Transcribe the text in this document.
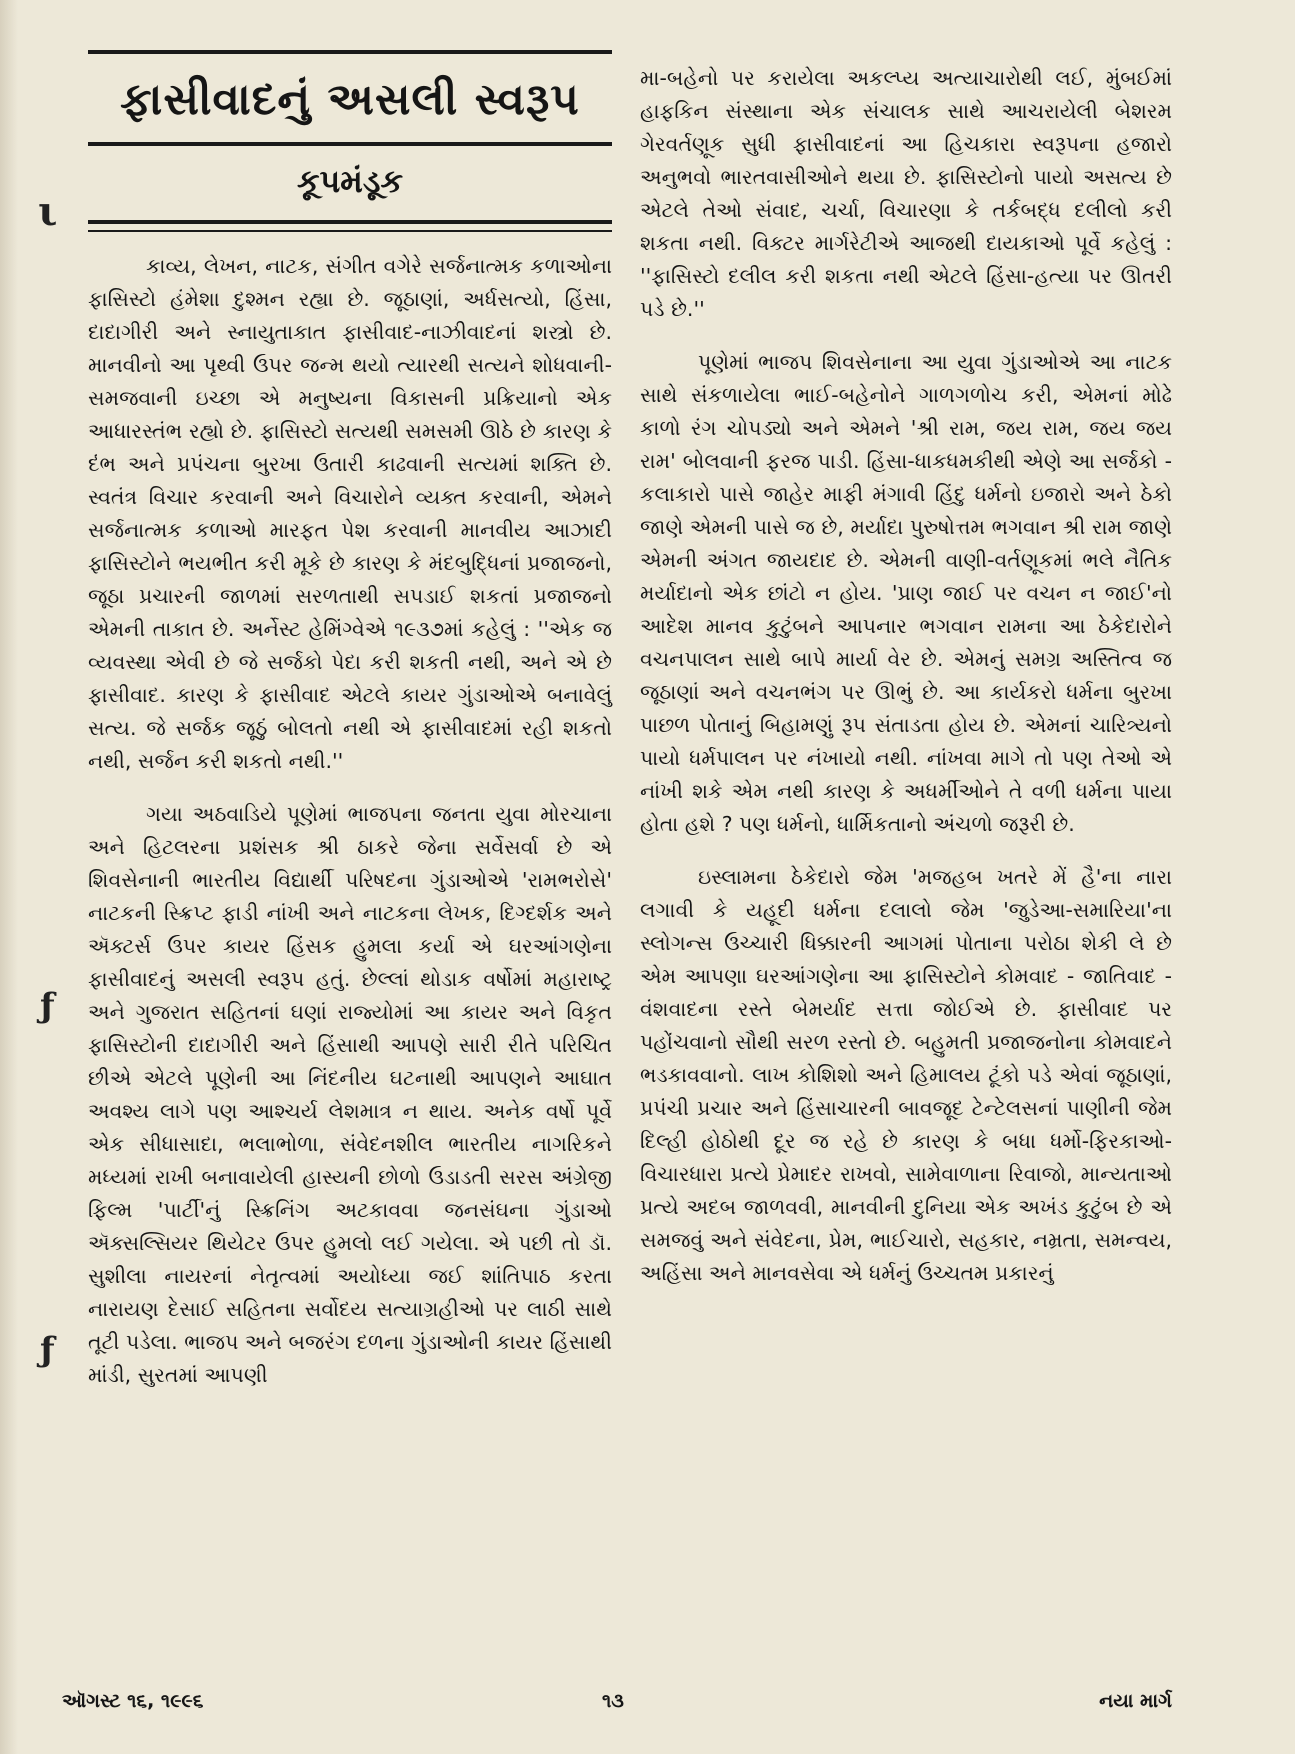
ι
ƒ
ƒ
ફાસીવાદનું અસલી સ્વરૂપ
કૂપમંડૂક

કાવ્ય, લેખન, નાટક, સંગીત વગેરે સર્જનાત્મક કળાઓના ફાસિસ્ટો હંમેશા દુશ્મન રહ્યા છે. જૂઠાણાં, અર્ધસત્યો, હિંસા, દાદાગીરી અને સ્નાયુતાકાત ફાસીવાદ-નાઝીવાદનાં શસ્ત્રો છે. માનવીનો આ પૃથ્વી ઉપર જન્મ થયો ત્યારથી સત્યને શોધવાની-સમજવાની ઇચ્છા એ મનુષ્યના વિકાસની પ્રક્રિયાનો એક આધારસ્તંભ રહ્યો છે. ફાસિસ્ટો સત્યથી સમસમી ઊઠે છે કારણ કે દંભ અને પ્રપંચના બુરખા ઉતારી કાઢવાની સત્યમાં શક્તિ છે. સ્વતંત્ર વિચાર કરવાની અને વિચારોને વ્યક્ત કરવાની, એમને સર્જનાત્મક કળાઓ મારફત પેશ કરવાની માનવીય આઝાદી ફાસિસ્ટોને ભયભીત કરી મૂકે છે કારણ કે મંદબુદ્ધિનાં પ્રજાજનો, જૂઠા પ્રચારની જાળમાં સરળતાથી સપડાઈ શકતાં પ્રજાજનો એમની તાકાત છે. અર્નેસ્ટ હેમિંગ્વેએ ૧૯૩૭માં કહેલું : ''એક જ વ્યવસ્થા એવી છે જે સર્જકો પેદા કરી શકતી નથી, અને એ છે ફાસીવાદ. કારણ કે ફાસીવાદ એટલે કાયર ગુંડાઓએ બનાવેલું સત્ય. જે સર્જક જૂઠું બોલતો નથી એ ફાસીવાદમાં રહી શકતો નથી, સર્જન કરી શકતો નથી.''

ગયા અઠવાડિયે પૂણેમાં ભાજપના જનતા યુવા મોરચાના અને હિટલરના પ્રશંસક શ્રી ઠાકરે જેના સર્વેસર્વા છે એ શિવસેનાની ભારતીય વિદ્યાર્થી પરિષદના ગુંડાઓએ 'રામભરોસે' નાટકની સ્ક્રિપ્ટ ફાડી નાંખી અને નાટકના લેખક, દિગ્દર્શક અને ઍક્ટર્સ ઉપર કાયર હિંસક હુમલા કર્યા એ ઘરઆંગણેના ફાસીવાદનું અસલી સ્વરૂપ હતું. છેલ્લાં થોડાક વર્ષોમાં મહારાષ્ટ્ર અને ગુજરાત સહિતનાં ઘણાં રાજ્યોમાં આ કાયર અને વિકૃત ફાસિસ્ટોની દાદાગીરી અને હિંસાથી આપણે સારી રીતે પરિચિત છીએ એટલે પૂણેની આ નિંદનીય ઘટનાથી આપણને આઘાત અવશ્ય લાગે પણ આશ્ચર્ય લેશમાત્ર ન થાય. અનેક વર્ષો પૂર્વે એક સીધાસાદા, ભલાભોળા, સંવેદનશીલ ભારતીય નાગરિકને મધ્યમાં રાખી બનાવાયેલી હાસ્યની છોળો ઉડાડતી સરસ અંગ્રેજી ફિલ્મ 'પાર્ટી'નું સ્ક્રિનિંગ અટકાવવા જનસંઘના ગુંડાઓ ઍક્સલ્સિયર થિયેટર ઉપર હુમલો લઈ ગયેલા. એ પછી તો ડૉ. સુશીલા નાયરનાં નેતૃત્વમાં અયોધ્યા જઈ શાંતિપાઠ કરતા નારાયણ દેસાઈ સહિતના સર્વોદય સત્યાગ્રહીઓ પર લાઠી સાથે તૂટી પડેલા. ભાજપ અને બજરંગ દળના ગુંડાઓની કાયર હિંસાથી માંડી, સુરતમાં આપણી

મા-બહેનો પર કરાયેલા અકલ્પ્ય અત્યાચારોથી લઈ, મુંબઈમાં હાફકિન સંસ્થાના એક સંચાલક સાથે આચરાયેલી બેશરમ ગેરવર્તણૂક સુધી ફાસીવાદનાં આ હિચકારા સ્વરૂપના હજારો અનુભવો ભારતવાસીઓને થયા છે. ફાસિસ્ટોનો પાયો અસત્ય છે એટલે તેઓ સંવાદ, ચર્ચા, વિચારણા કે તર્કબદ્ધ દલીલો કરી શકતા નથી. વિક્ટર માર્ગરેટીએ આજથી દાયકાઓ પૂર્વે કહેલું : ''ફાસિસ્ટો દલીલ કરી શકતા નથી એટલે હિંસા-હત્યા પર ઊતરી પડે છે.''

પૂણેમાં ભાજપ શિવસેનાના આ યુવા ગુંડાઓએ આ નાટક સાથે સંકળાયેલા ભાઈ-બહેનોને ગાળગળોચ કરી, એમનાં મોઢે કાળો રંગ ચોપડ્યો અને એમને 'શ્રી રામ, જય રામ, જય જય રામ' બોલવાની ફરજ પાડી. હિંસા-ધાકધમકીથી એણે આ સર્જકો - કલાકારો પાસે જાહેર માફી મંગાવી હિંદુ ધર્મનો ઇજારો અને ઠેકો જાણે એમની પાસે જ છે, મર્યાદા પુરુષોત્તમ ભગવાન શ્રી રામ જાણે એમની અંગત જાયદાદ છે. એમની વાણી-વર્તણૂકમાં ભલે નૈતિક મર્યાદાનો એક છાંટો ન હોય. 'પ્રાણ જાઈ પર વચન ન જાઈ'નો આદેશ માનવ કુટુંબને આપનાર ભગવાન રામના આ ઠેકેદારોને વચનપાલન સાથે બાપે માર્યા વેર છે. એમનું સમગ્ર અસ્તિત્વ જ જૂઠાણાં અને વચનભંગ પર ઊભું છે. આ કાર્યકરો ધર્મના બુરખા પાછળ પોતાનું બિહામણું રૂપ સંતાડતા હોય છે. એમનાં ચારિત્ર્યનો પાયો ધર્મપાલન પર નંખાયો નથી. નાંખવા માગે તો પણ તેઓ એ નાંખી શકે એમ નથી કારણ કે અધર્મીઓને તે વળી ધર્મના પાયા હોતા હશે ? પણ ધર્મનો, ધાર્મિકતાનો અંચળો જરૂરી છે.

ઇસ્લામના ઠેકેદારો જેમ 'મજહબ ખતરે મેં હૈ'ના નારા લગાવી કે યહૂદી ધર્મના દલાલો જેમ 'જુડેઆ-સમારિયા'ના સ્લોગન્સ ઉચ્ચારી ધિક્કારની આગમાં પોતાના પરોઠા શેકી લે છે એમ આપણા ઘરઆંગણેના આ ફાસિસ્ટોને કોમવાદ - જાતિવાદ - વંશવાદના રસ્તે બેમર્યાદ સત્તા જોઈએ છે. ફાસીવાદ પર પહોંચવાનો સૌથી સરળ રસ્તો છે. બહુમતી પ્રજાજનોના કોમવાદને ભડકાવવાનો. લાખ કોશિશો અને હિમાલય ટૂંકો પડે એવાં જૂઠાણાં, પ્રપંચી પ્રચાર અને હિંસાચારની બાવજૂદ ટેન્ટેલસનાં પાણીની જેમ દિલ્હી હોઠોથી દૂર જ રહે છે કારણ કે બધા ધર્મો-ફિરકાઓ-વિચારધારા પ્રત્યે પ્રેમાદર રાખવો, સામેવાળાના રિવાજો, માન્યતાઓ પ્રત્યે અદબ જાળવવી, માનવીની દુનિયા એક અખંડ કુટુંબ છે એ સમજવું અને સંવેદના, પ્રેમ, ભાઈચારો, સહકાર, નમ્રતા, સમન્વય, અહિંસા અને માનવસેવા એ ધર્મનું ઉચ્ચતમ પ્રકારનું

ઑગસ્ટ ૧૬, ૧૯૯૬	૧૩	નયા માર્ગ
